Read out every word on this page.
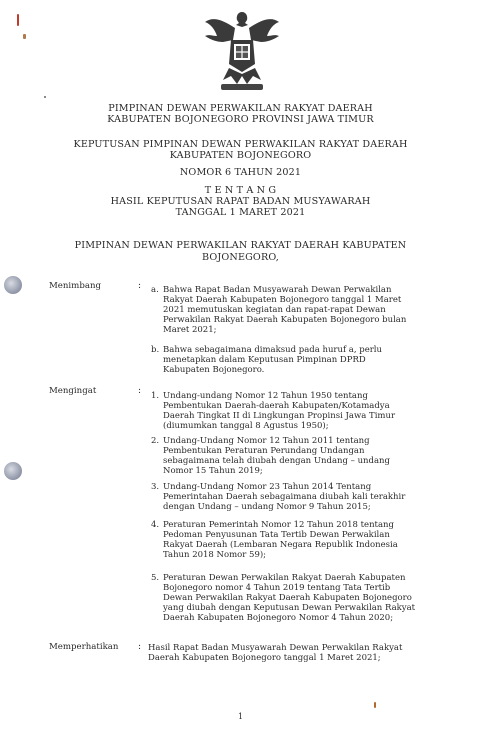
PIMPINAN DEWAN PERWAKILAN RAKYAT DAERAH
KABUPATEN BOJONEGORO PROVINSI JAWA TIMUR
KEPUTUSAN PIMPINAN DEWAN PERWAKILAN RAKYAT DAERAH
KABUPATEN BOJONEGORO
NOMOR 6 TAHUN 2021
T E N T A N G
HASIL KEPUTUSAN RAPAT BADAN MUSYAWARAH
TANGGAL 1 MARET 2021
PIMPINAN DEWAN PERWAKILAN RAKYAT DAERAH KABUPATEN
BOJONEGORO,
Menimbang	: a. Bahwa Rapat Badan Musyawarah Dewan Perwakilan
Rakyat Daerah Kabupaten Bojonegoro tanggal 1 Maret
2021 memutuskan kegiatan dan rapat-rapat Dewan
Perwakilan Rakyat Daerah Kabupaten Bojonegoro bulan
Maret 2021;
b. Bahwa sebagaimana dimaksud pada huruf a, perlu
menetapkan dalam Keputusan Pimpinan DPRD
Kabupaten Bojonegoro.
Mengingat	: 1. Undang-undang Nomor 12 Tahun 1950 tentang
Pembentukan Daerah-daerah Kabupaten/Kotamadya
Daerah Tingkat II di Lingkungan Propinsi Jawa Timur
(diumumkan tanggal 8 Agustus 1950);
2. Undang-Undang Nomor 12 Tahun 2011 tentang
Pembentukan Peraturan Perundang Undangan
sebagaimana telah diubah dengan Undang – undang
Nomor 15 Tahun 2019;
3. Undang-Undang Nomor 23 Tahun 2014 Tentang
Pemerintahan Daerah sebagaimana diubah kali terakhir
dengan Undang – undang Nomor 9 Tahun 2015;
4. Peraturan Pemerintah Nomor 12 Tahun 2018 tentang
Pedoman Penyusunan Tata Tertib Dewan Perwakilan
Rakyat Daerah (Lembaran Negara Republik Indonesia
Tahun 2018 Nomor 59);
5. Peraturan Dewan Perwakilan Rakyat Daerah Kabupaten
Bojonegoro nomor 4 Tahun 2019 tentang Tata Tertib
Dewan Perwakilan Rakyat Daerah Kabupaten Bojonegoro
yang diubah dengan Keputusan Dewan Perwakilan Rakyat
Daerah Kabupaten Bojonegoro Nomor 4 Tahun 2020;
Memperhatikan : Hasil Rapat Badan Musyawarah Dewan Perwakilan Rakyat
Daerah Kabupaten Bojonegoro tanggal 1 Maret 2021;
1
